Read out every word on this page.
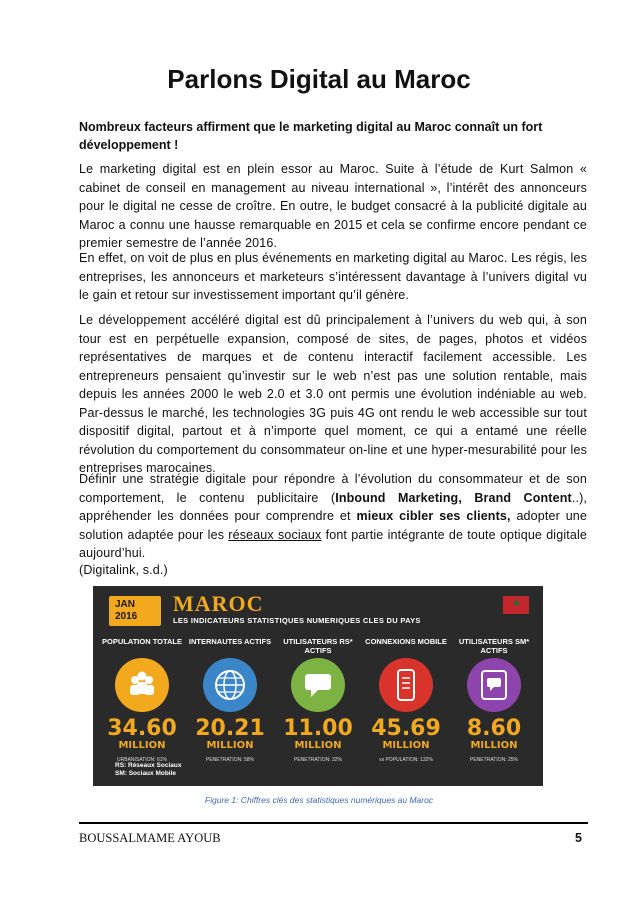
Parlons Digital au Maroc
Nombreux facteurs affirment que le marketing digital au Maroc connaît un fort développement !
Le marketing digital est en plein essor au Maroc. Suite à l’étude de Kurt Salmon « cabinet de conseil en management au niveau international », l’intérêt des annonceurs pour le digital ne cesse de croître. En outre, le budget consacré à la publicité digitale au Maroc a connu une hausse remarquable en 2015 et cela se confirme encore pendant ce premier semestre de l’année 2016.
En effet, on voit de plus en plus événements en marketing digital au Maroc. Les régis, les entreprises, les annonceurs et marketeurs s’intéressent davantage à l’univers digital vu le gain et retour sur investissement important qu’il génère.
Le développement accéléré digital est dû principalement à l’univers du web qui, à son tour est en perpétuelle expansion, composé de sites, de pages, photos et vidéos représentatives de marques et de contenu interactif facilement accessible. Les entrepreneurs pensaient qu’investir sur le web n’est pas une solution rentable, mais depuis les années 2000 le web 2.0 et 3.0 ont permis une évolution indéniable au web. Par-dessus le marché, les technologies 3G puis 4G ont rendu le web accessible sur tout dispositif digital, partout et à n’importe quel moment, ce qui a entamé une réelle révolution du comportement du consommateur on-line et une hyper-mesurabilité pour les entreprises marocaines.
Définir une stratégie digitale pour répondre à l’évolution du consommateur et de son comportement, le contenu publicitaire (Inbound Marketing, Brand Content..), appréhender les données pour comprendre et mieux cibler ses clients, adopter une solution adaptée pour les réseaux sociaux font partie intégrante de toute optique digitale aujourd’hui.
(Digitalink, s.d.)
JAN
2016
MAROC
LES INDICATEURS STATISTIQUES NUMERIQUES CLES DU PAYS
★
POPULATION TOTALE
34.60
MILLION
URBANISATION: 61%
INTERNAUTES ACTIFS
20.21
MILLION
PENETRATION: 58%
UTILISATEURS RS* ACTIFS
11.00
MILLION
PENETRATION: 32%
CONNEXIONS MOBILE
45.69
MILLION
vs POPULATION: 132%
UTILISATEURS SM* ACTIFS
8.60
MILLION
PENETRATION: 25%
RS: Réseaux Sociaux
SM: Sociaux Mobile
Figure 1: Chiffres clés des statistiques numériques au Maroc
BOUSSALMAME AYOUB	5
